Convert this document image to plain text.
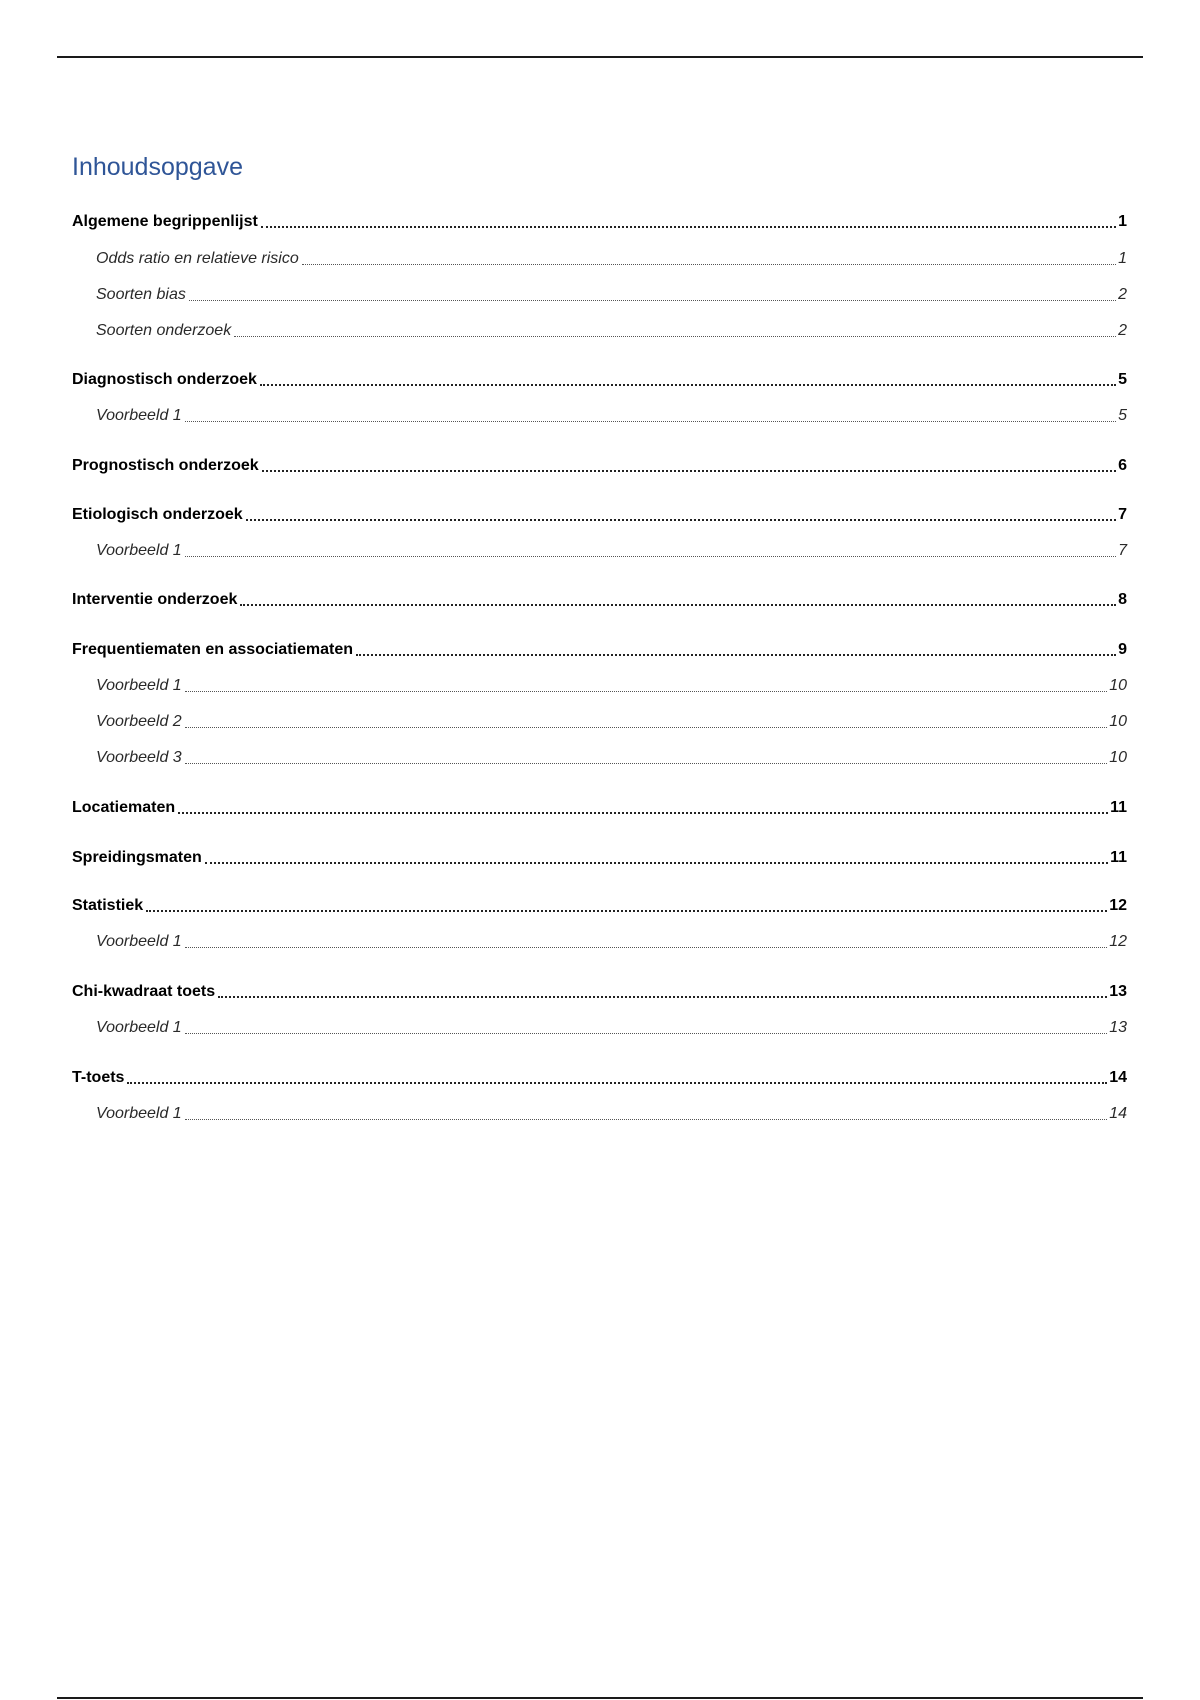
Inhoudsopgave
Algemene begrippenlijst	1
Odds ratio en relatieve risico	1
Soorten bias	2
Soorten onderzoek	2
Diagnostisch onderzoek	5
Voorbeeld 1	5
Prognostisch onderzoek	6
Etiologisch onderzoek	7
Voorbeeld 1	7
Interventie onderzoek	8
Frequentiematen en associatiematen	9
Voorbeeld 1	10
Voorbeeld 2	10
Voorbeeld 3	10
Locatiematen	11
Spreidingsmaten	11
Statistiek	12
Voorbeeld 1	12
Chi-kwadraat toets	13
Voorbeeld 1	13
T-toets	14
Voorbeeld 1	14
